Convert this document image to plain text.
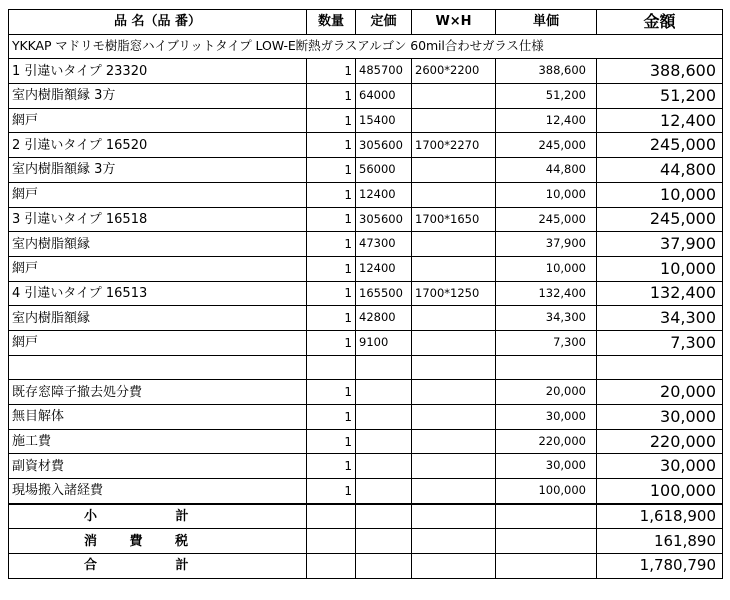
品 名（品 番）	数量	定価	W×H	単価	金額
YKKAP マドリモ樹脂窓ハイブリットタイプ LOW-E断熱ガラスアルゴン 60mil合わせガラス仕様					
1 引違いタイプ 23320	1	485700	2600*2200	388,600	388,600
室内樹脂額縁 3方	1	64000		51,200	51,200
網戸	1	15400		12,400	12,400
2 引違いタイプ 16520	1	305600	1700*2270	245,000	245,000
室内樹脂額縁 3方	1	56000		44,800	44,800
網戸	1	12400		10,000	10,000
3 引違いタイプ 16518	1	305600	1700*1650	245,000	245,000
室内樹脂額縁	1	47300		37,900	37,900
網戸	1	12400		10,000	10,000
4 引違いタイプ 16513	1	165500	1700*1250	132,400	132,400
室内樹脂額縁	1	42800		34,300	34,300
網戸	1	9100		7,300	7,300

既存窓障子撤去処分費	1			20,000	20,000
無目解体	1			30,000	30,000
施工費	1			220,000	220,000
副資材費	1			30,000	30,000
現場搬入諸経費	1			100,000	100,000

小 計					1,618,900

消 費 税					161,890

合 計					1,780,790
